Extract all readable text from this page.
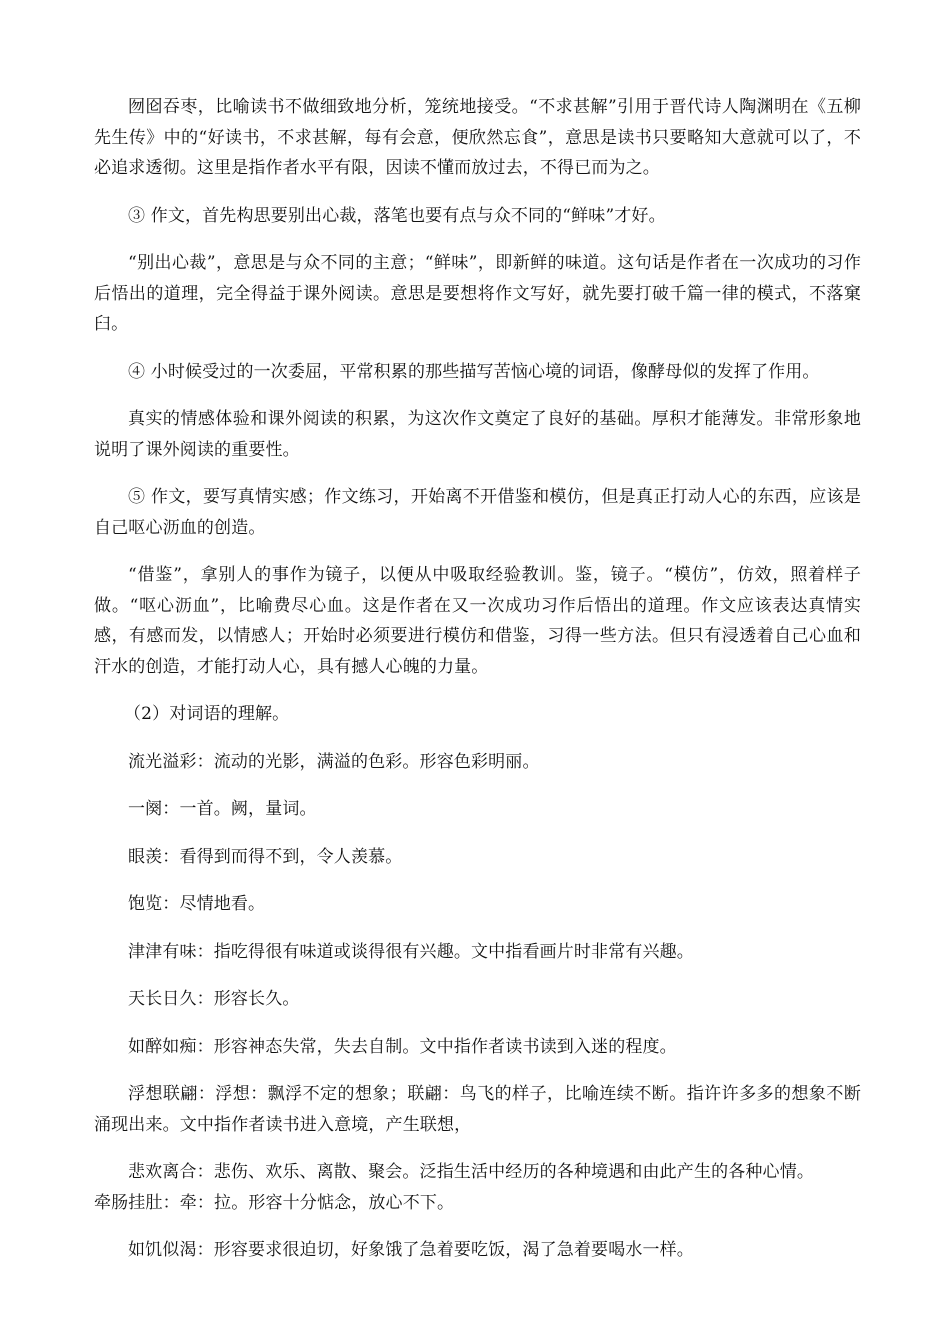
囫囵吞枣，比喻读书不做细致地分析，笼统地接受。“不求甚解”引用于晋代诗人陶渊明在《五柳先生传》中的“好读书，不求甚解，每有会意，便欣然忘食”，意思是读书只要略知大意就可以了，不必追求透彻。这里是指作者水平有限，因读不懂而放过去，不得已而为之。

③ 作文，首先构思要别出心裁，落笔也要有点与众不同的“鲜味”才好。

“别出心裁”，意思是与众不同的主意；“鲜味”，即新鲜的味道。这句话是作者在一次成功的习作后悟出的道理，完全得益于课外阅读。意思是要想将作文写好，就先要打破千篇一律的模式，不落窠臼。

④ 小时候受过的一次委屈，平常积累的那些描写苦恼心境的词语，像酵母似的发挥了作用。

真实的情感体验和课外阅读的积累，为这次作文奠定了良好的基础。厚积才能薄发。非常形象地说明了课外阅读的重要性。

⑤ 作文，要写真情实感；作文练习，开始离不开借鉴和模仿，但是真正打动人心的东西，应该是自己呕心沥血的创造。

“借鉴”，拿别人的事作为镜子，以便从中吸取经验教训。鉴，镜子。“模仿”，仿效，照着样子做。“呕心沥血”，比喻费尽心血。这是作者在又一次成功习作后悟出的道理。作文应该表达真情实感，有感而发，以情感人；开始时必须要进行模仿和借鉴，习得一些方法。但只有浸透着自己心血和汗水的创造，才能打动人心，具有撼人心魄的力量。

（2）对词语的理解。

流光溢彩：流动的光影，满溢的色彩。形容色彩明丽。

一阕：一首。阙，量词。

眼羡：看得到而得不到，令人羡慕。

饱览：尽情地看。

津津有味：指吃得很有味道或谈得很有兴趣。文中指看画片时非常有兴趣。

天长日久：形容长久。

如醉如痴：形容神态失常，失去自制。文中指作者读书读到入迷的程度。

浮想联翩：浮想：飘浮不定的想象；联翩：鸟飞的样子，比喻连续不断。指许许多多的想象不断涌现出来。文中指作者读书进入意境，产生联想，

悲欢离合：悲伤、欢乐、离散、聚会。泛指生活中经历的各种境遇和由此产生的各种心情。

牵肠挂肚：牵：拉。形容十分惦念，放心不下。

如饥似渴：形容要求很迫切，好象饿了急着要吃饭，渴了急着要喝水一样。
